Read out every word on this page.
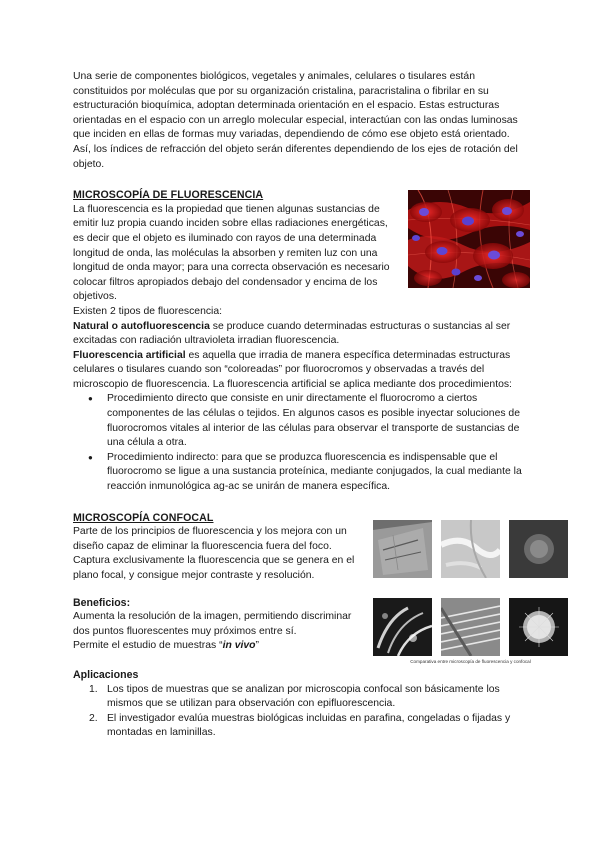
Una serie de componentes biológicos, vegetales y animales, celulares o tisulares están constituidos por moléculas que por su organización cristalina, paracristalina o fibrilar en su estructuración bioquímica, adoptan determinada orientación en el espacio. Estas estructuras orientadas en el espacio con un arreglo molecular especial, interactúan con las ondas luminosas que inciden en ellas de formas muy variadas, dependiendo de cómo ese objeto está orientado. Así, los índices de refracción del objeto serán diferentes dependiendo de los ejes de rotación del objeto.

MICROSCOPÍA DE FLUORESCENCIA

La fluorescencia es la propiedad que tienen algunas sustancias de emitir luz propia cuando inciden sobre ellas radiaciones energéticas, es decir que el objeto es iluminado con rayos de una determinada longitud de onda, las moléculas la absorben y remiten luz con una longitud de onda mayor; para una correcta observación es necesario colocar filtros apropiados debajo del condensador y encima de los objetivos.

Existen 2 tipos de fluorescencia:

Natural o autofluorescencia se produce cuando determinadas estructuras o sustancias al ser excitadas con radiación ultravioleta irradian fluorescencia.

Fluorescencia artificial es aquella que irradia de manera específica determinadas estructuras celulares o tisulares cuando son “coloreadas” por fluorocromos y observadas a través del microscopio de fluorescencia. La fluorescencia artificial se aplica mediante dos procedimientos:

● Procedimiento directo que consiste en unir directamente el fluorocromo a ciertos componentes de las células o tejidos. En algunos casos es posible inyectar soluciones de fluorocromos vitales al interior de las células para observar el transporte de sustancias de una célula a otra.
● Procedimiento indirecto: para que se produzca fluorescencia es indispensable que el fluorocromo se ligue a una sustancia proteínica, mediante conjugados, la cual mediante la reacción inmunológica ag-ac se unirán de manera específica.
MICROSCOPÍA CONFOCAL
Comparativa entre microscopía de fluorescencia y confocal

Parte de los principios de fluorescencia y los mejora con un diseño capaz de eliminar la fluorescencia fuera del foco. Captura exclusivamente la fluorescencia que se genera en el plano focal, y consigue mejor contraste y resolución.

Beneficios:

Aumenta la resolución de la imagen, permitiendo discriminar dos puntos fluorescentes muy próximos entre sí.

Permite el estudio de muestras “in vivo”

Aplicaciones
1. Los tipos de muestras que se analizan por microscopia confocal son básicamente los mismos que se utilizan para observación con epifluorescencia.
2. El investigador evalúa muestras biológicas incluidas en parafina, congeladas o fijadas y montadas en laminillas.
